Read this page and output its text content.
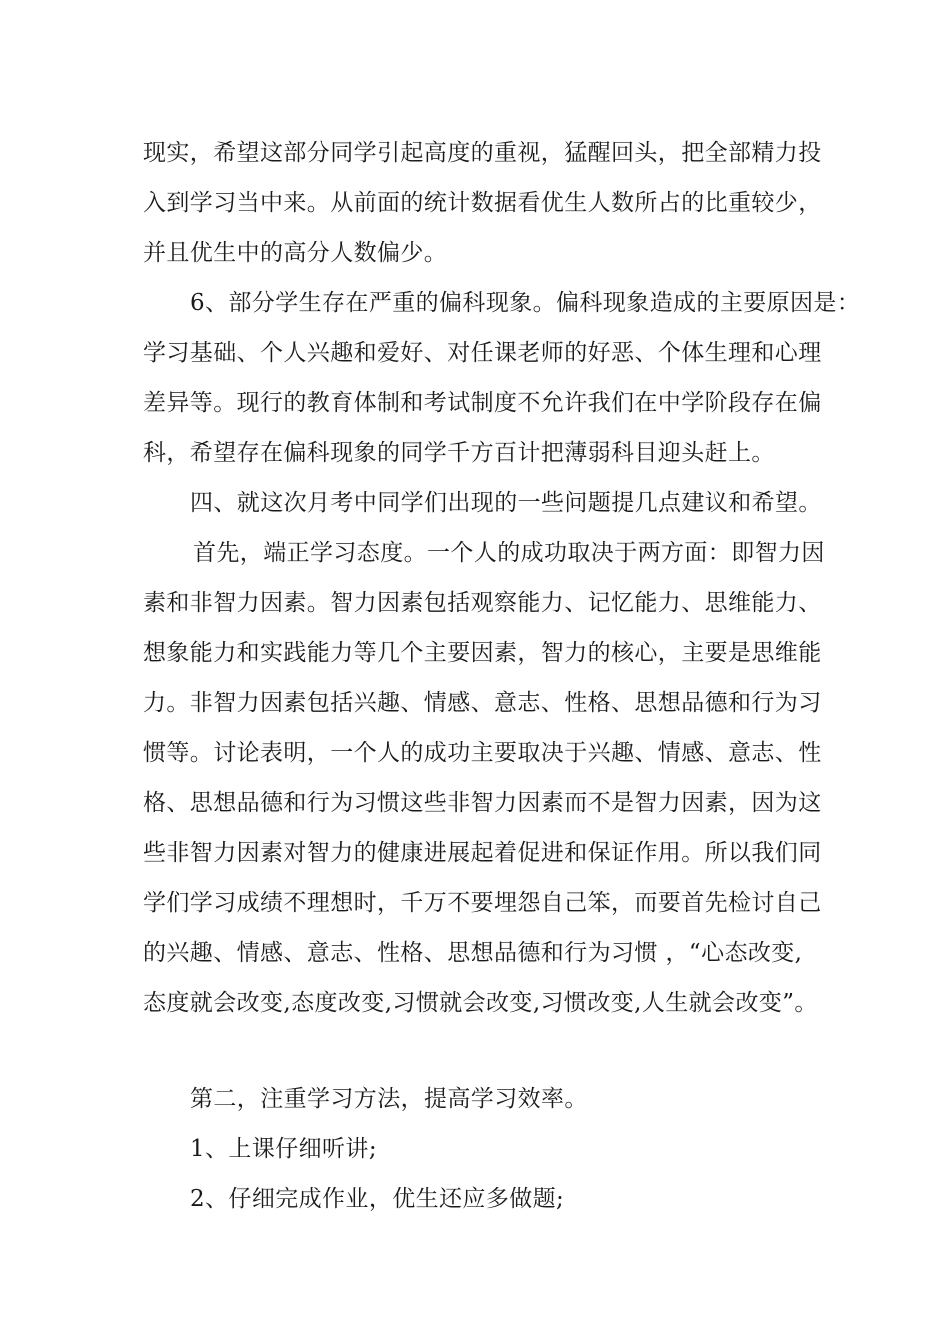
现实，希望这部分同学引起高度的重视，猛醒回头，把全部精力投
入到学习当中来。从前面的统计数据看优生人数所占的比重较少，
并且优生中的高分人数偏少。
6、部分学生存在严重的偏科现象。偏科现象造成的主要原因是：
学习基础、个人兴趣和爱好、对任课老师的好恶、个体生理和心理
差异等。现行的教育体制和考试制度不允许我们在中学阶段存在偏
科，希望存在偏科现象的同学千方百计把薄弱科目迎头赶上。
四、就这次月考中同学们出现的一些问题提几点建议和希望。
首先，端正学习态度。一个人的成功取决于两方面：即智力因
素和非智力因素。智力因素包括观察能力、记忆能力、思维能力、
想象能力和实践能力等几个主要因素，智力的核心，主要是思维能
力。非智力因素包括兴趣、情感、意志、性格、思想品德和行为习
惯等。讨论表明，一个人的成功主要取决于兴趣、情感、意志、性
格、思想品德和行为习惯这些非智力因素而不是智力因素，因为这
些非智力因素对智力的健康进展起着促进和保证作用。所以我们同
学们学习成绩不理想时，千万不要埋怨自己笨，而要首先检讨自己
的兴趣、情感、意志、性格、思想品德和行为习惯 ，“心态改变,
态度就会改变,态度改变,习惯就会改变,习惯改变,人生就会改变”。
第二，注重学习方法，提高学习效率。
1、上课仔细听讲;
2、仔细完成作业，优生还应多做题;
